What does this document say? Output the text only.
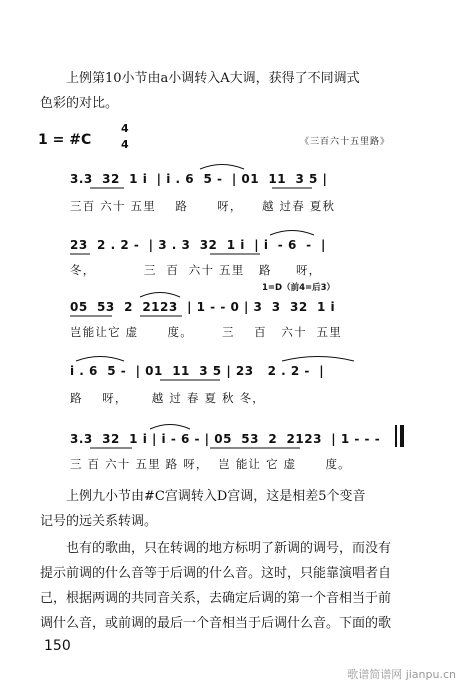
上例第10小节由a小调转入A大调，获得了不同调式
色彩的对比。
1 = #C
4
4	《三百六十五里路》
3.3  32  1 i  | i . 6  5 -  | 01  11  3 5 |
三百 六十 五里    路      呀，    越 过春 夏秋
23  2 . 2 -  | 3 . 3  32  1 i  | i  - 6  -  |
冬，          三  百  六十 五里   路     呀，
1=D（前4=后3）
05  53  2  2123  | 1 - - 0 | 3  3  32  1 i
岂能让它 虚      度。      三    百   六十  五里
i . 6  5 -  | 01  11  3 5 | 23   2 . 2 -  |
路    呀，     越 过 春 夏 秋 冬，
3.3  32  1 i | i - 6 - | 05  53  2  2123  | 1 - - -
三 百 六十 五里 路 呀，  岂 能让 它 虚      度。
上例九小节由#C宫调转入D宫调，这是相差5个变音
记号的远关系转调。
也有的歌曲，只在转调的地方标明了新调的调号，而没有
提示前调的什么音等于后调的什么音。这时，只能靠演唱者自
己，根据两调的共同音关系，去确定后调的第一个音相当于前
调什么音，或前调的最后一个音相当于后调什么音。下面的歌
150
歌谱简谱网 jianpu.cn
